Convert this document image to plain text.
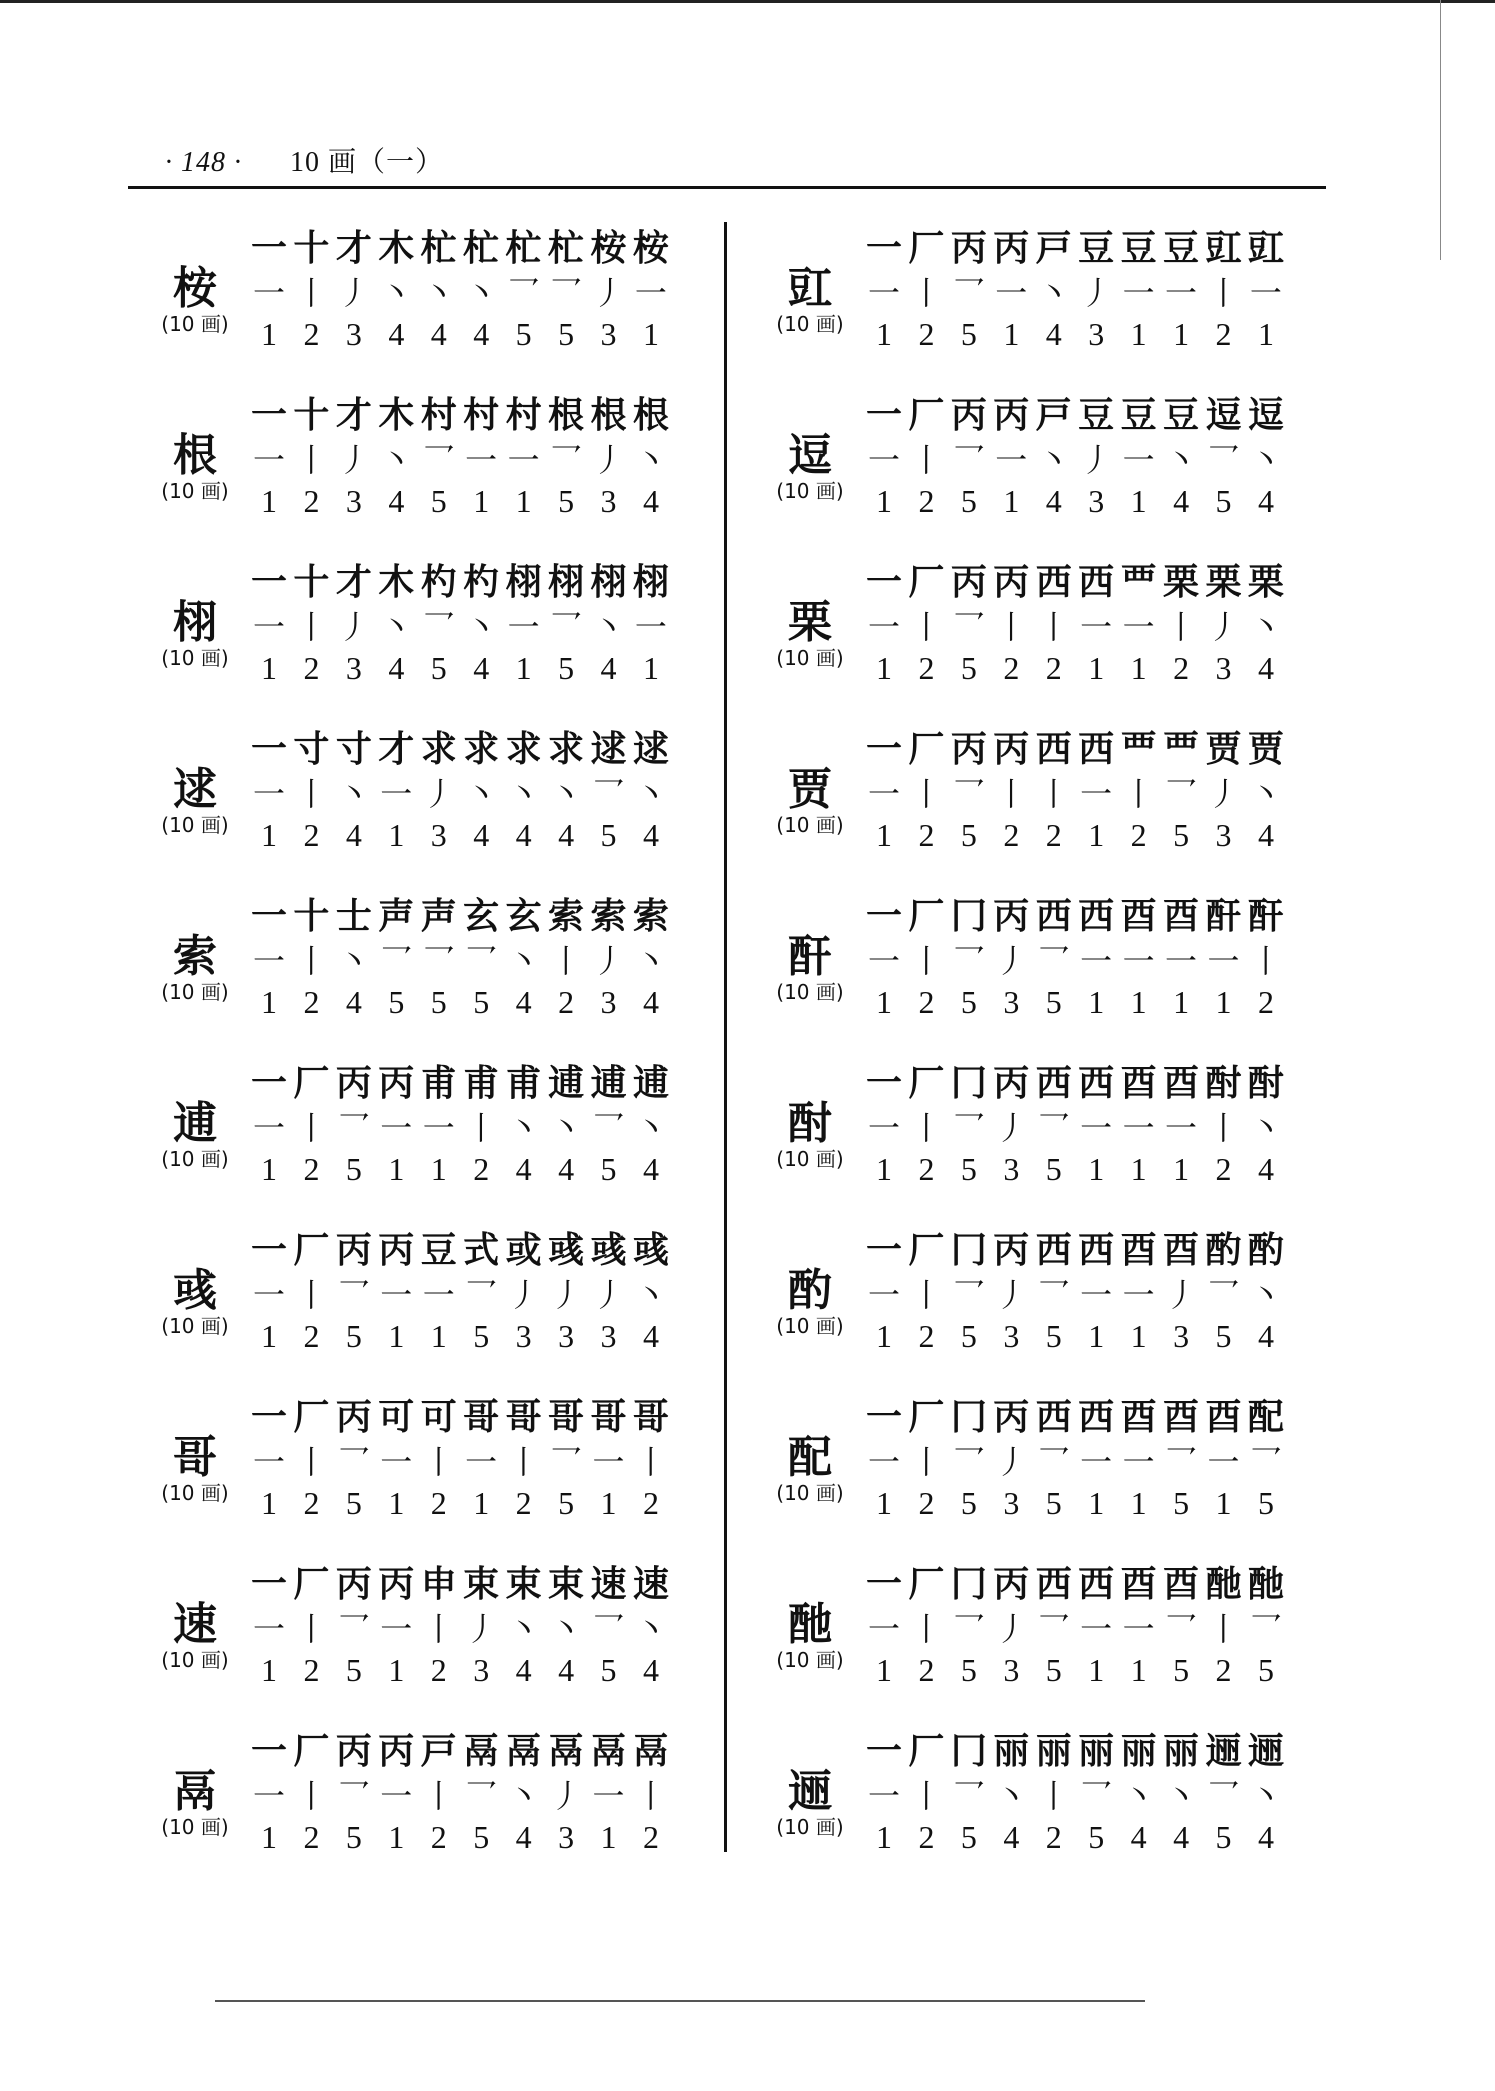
· 148 · 10 画（一）
桉
(10 画)
一 十 才 木 杧 杧 杧 杧 桉 桉
一 丨 丿 丶 丶 丶 乛 乛 丿 一
1 2 3 4 4 4 5 5 3 1
根
(10 画)
一 十 才 木 村 村 村 根 根 根
一 丨 丿 丶 乛 一 一 乛 丿 丶
1 2 3 4 5 1 1 5 3 4
栩
(10 画)
一 十 才 木 杓 杓 栩 栩 栩 栩
一 丨 丿 丶 乛 丶 一 乛 丶 一
1 2 3 4 5 4 1 5 4 1
逑
(10 画)
一 寸 寸 才 求 求 求 求 逑 逑
一 丨 丶 一 丿 丶 丶 丶 乛 丶
1 2 4 1 3 4 4 4 5 4
索
(10 画)
一 十 士 声 声 玄 玄 索 索 索
一 丨 丶 乛 乛 乛 丶 丨 丿 丶
1 2 4 5 5 5 4 2 3 4
逋
(10 画)
一 厂 丙 丙 甫 甫 甫 逋 逋 逋
一 丨 乛 一 一 丨 丶 丶 乛 丶
1 2 5 1 1 2 4 4 5 4
彧
(10 画)
一 厂 丙 丙 豆 式 或 彧 彧 彧
一 丨 乛 一 一 乛 丿 丿 丿 丶
1 2 5 1 1 5 3 3 3 4
哥
(10 画)
一 厂 丙 可 可 哥 哥 哥 哥 哥
一 丨 乛 一 丨 一 丨 乛 一 丨
1 2 5 1 2 1 2 5 1 2
速
(10 画)
一 厂 丙 丙 申 束 束 束 速 速
一 丨 乛 一 丨 丿 丶 丶 乛 丶
1 2 5 1 2 3 4 4 5 4
鬲
(10 画)
一 厂 丙 丙 戸 鬲 鬲 鬲 鬲 鬲
一 丨 乛 一 丨 乛 丶 丿 一 丨
1 2 5 1 2 5 4 3 1 2
豇
(10 画)
一 厂 丙 丙 戸 豆 豆 豆 豇 豇
一 丨 乛 一 丶 丿 一 一 丨 一
1 2 5 1 4 3 1 1 2 1
逗
(10 画)
一 厂 丙 丙 戸 豆 豆 豆 逗 逗
一 丨 乛 一 丶 丿 一 丶 乛 丶
1 2 5 1 4 3 1 4 5 4
栗
(10 画)
一 厂 丙 丙 西 西 覀 栗 栗 栗
一 丨 乛 丨 丨 一 一 丨 丿 丶
1 2 5 2 2 1 1 2 3 4
贾
(10 画)
一 厂 丙 丙 西 西 覀 覀 贾 贾
一 丨 乛 丨 丨 一 丨 乛 丿 丶
1 2 5 2 2 1 2 5 3 4
酐
(10 画)
一 厂 冂 丙 西 西 酉 酉 酐 酐
一 丨 乛 丿 乛 一 一 一 一 丨
1 2 5 3 5 1 1 1 1 2
酎
(10 画)
一 厂 冂 丙 西 西 酉 酉 酎 酎
一 丨 乛 丿 乛 一 一 一 丨 丶
1 2 5 3 5 1 1 1 2 4
酌
(10 画)
一 厂 冂 丙 西 西 酉 酉 酌 酌
一 丨 乛 丿 乛 一 一 丿 乛 丶
1 2 5 3 5 1 1 3 5 4
配
(10 画)
一 厂 冂 丙 西 西 酉 酉 酉 配
一 丨 乛 丿 乛 一 一 乛 一 乛
1 2 5 3 5 1 1 5 1 5
酏
(10 画)
一 厂 冂 丙 西 西 酉 酉 酏 酏
一 丨 乛 丿 乛 一 一 乛 丨 乛
1 2 5 3 5 1 1 5 2 5
逦
(10 画)
一 厂 冂 丽 丽 丽 丽 丽 逦 逦
一 丨 乛 丶 丨 乛 丶 丶 乛 丶
1 2 5 4 2 5 4 4 5 4
